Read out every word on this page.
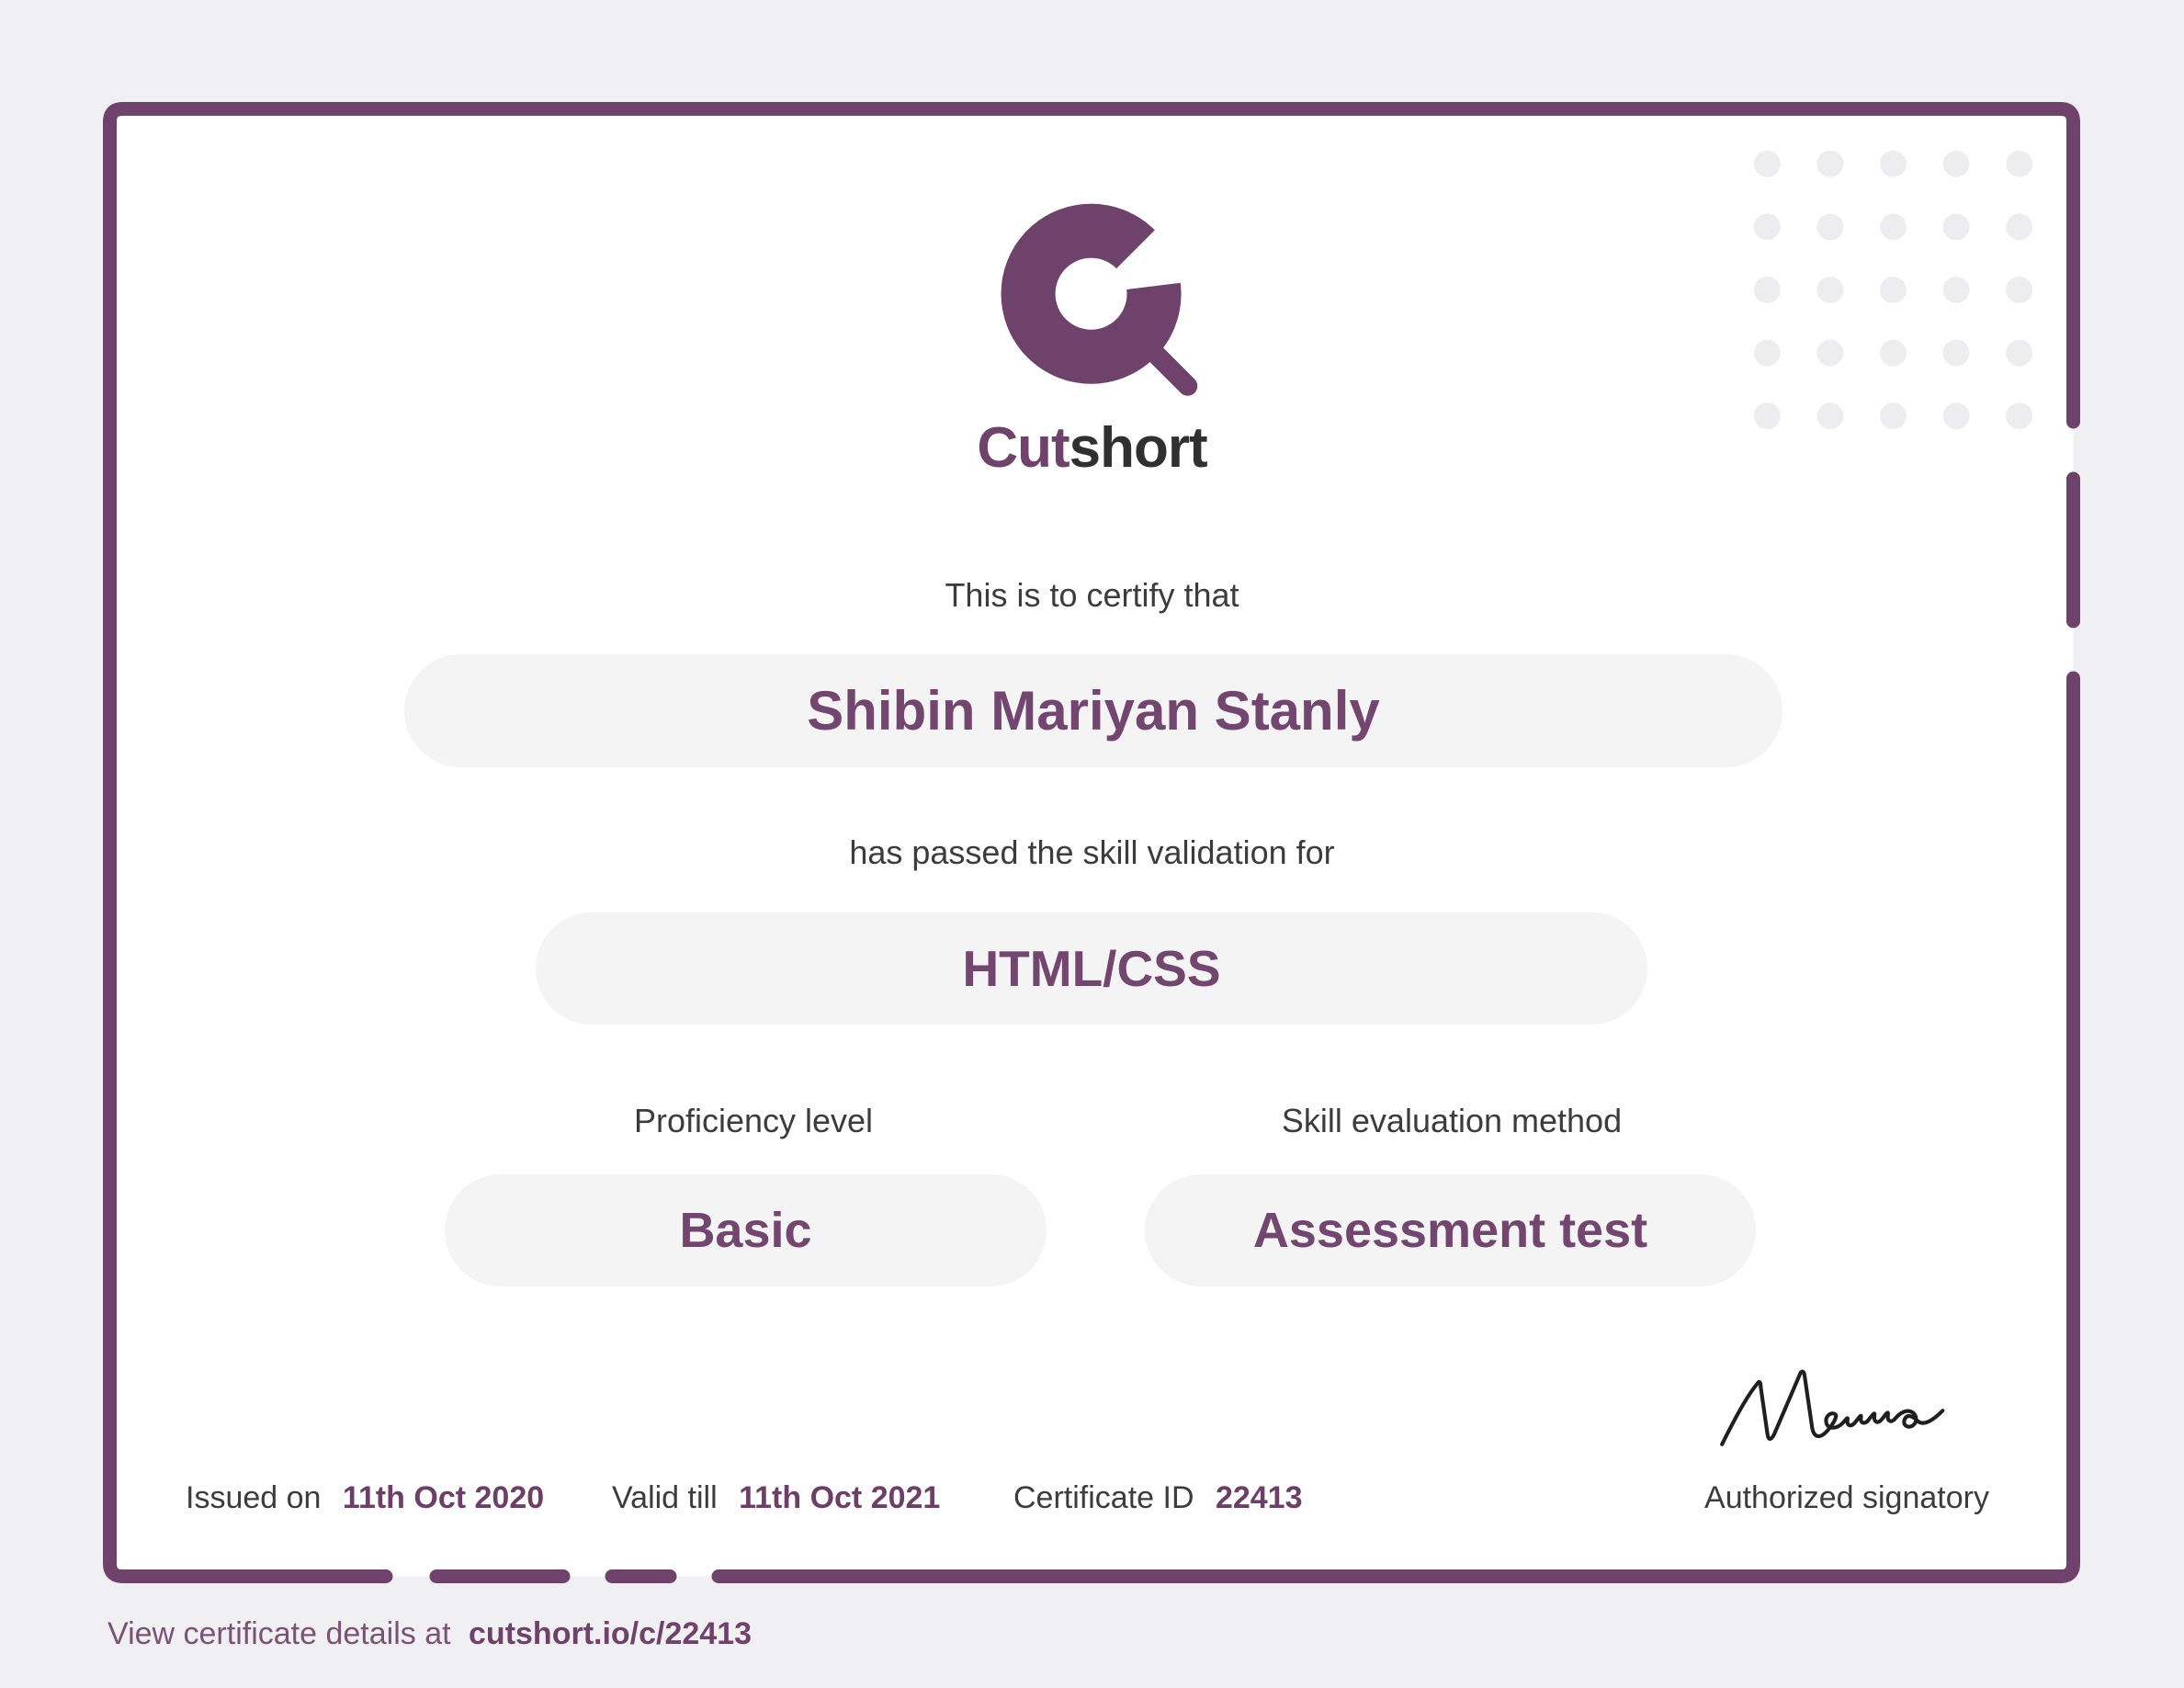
Cutshort
This is to certify that
Shibin Mariyan Stanly
has passed the skill validation for
HTML/CSS
Proficiency level
Basic
Skill evaluation method
Assessment test
Authorized signatory
Issued on 11th Oct 2020 Valid till 11th Oct 2021 Certificate ID 22413
View certificate details at cutshort.io/c/22413
